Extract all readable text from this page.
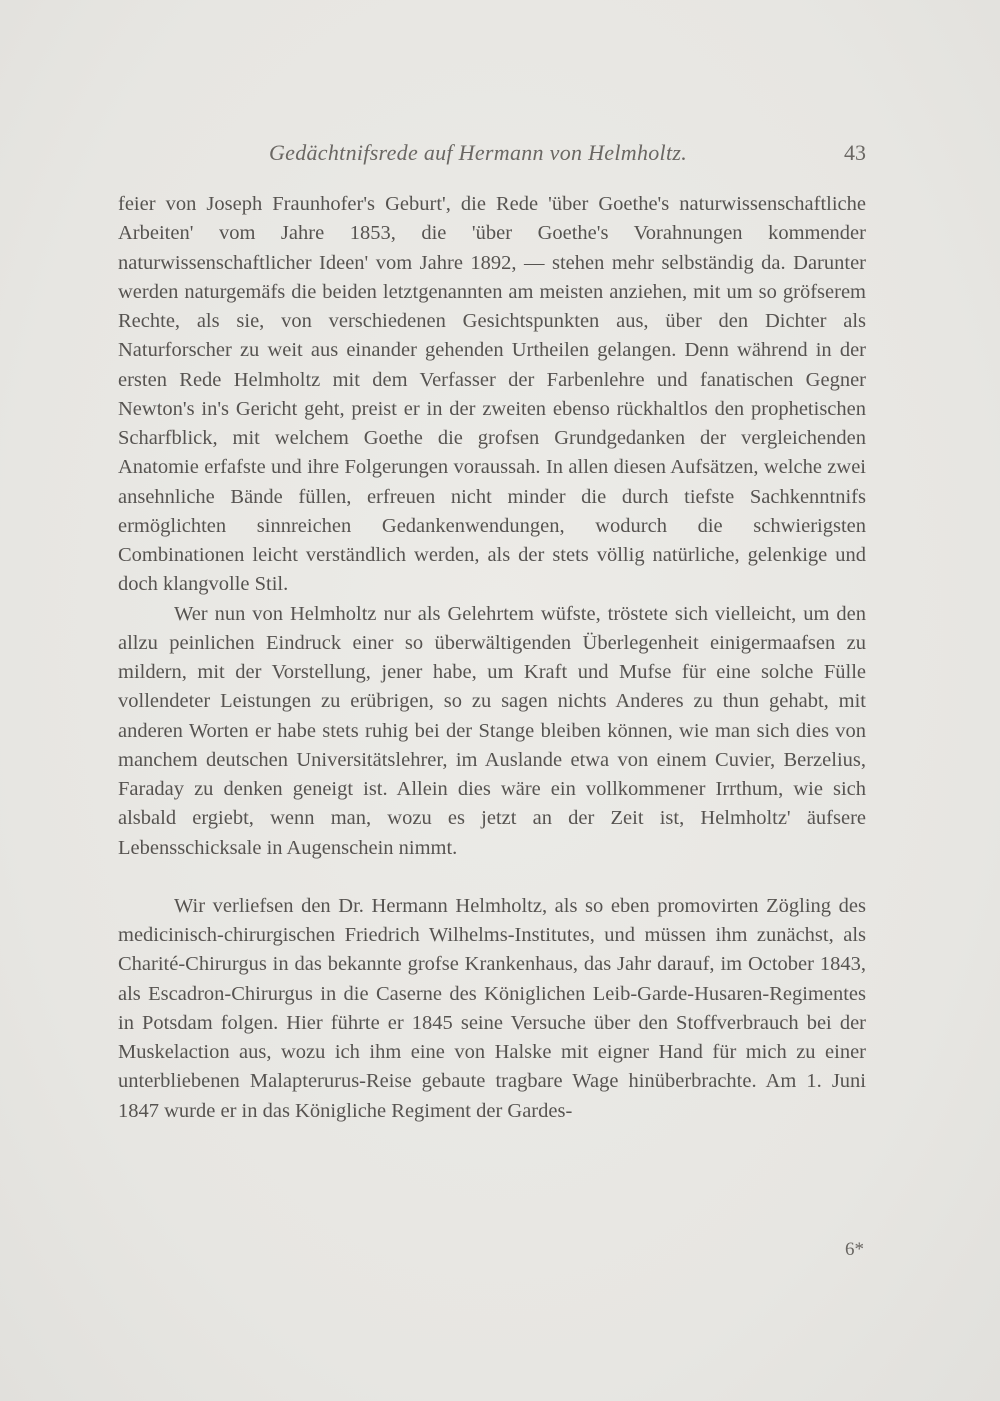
Gedächtnifsrede auf Hermann von Helmholtz.	43

feier von Joseph Fraunhofer's Geburt', die Rede 'über Goethe's naturwissenschaftliche Arbeiten' vom Jahre 1853, die 'über Goethe's Vorahnungen kommender naturwissenschaftlicher Ideen' vom Jahre 1892, — stehen mehr selbständig da. Darunter werden naturgemäfs die beiden letztgenannten am meisten anziehen, mit um so gröfserem Rechte, als sie, von verschiedenen Gesichtspunkten aus, über den Dichter als Naturforscher zu weit aus einander gehenden Urtheilen gelangen. Denn während in der ersten Rede Helmholtz mit dem Verfasser der Farbenlehre und fanatischen Gegner Newton's in's Gericht geht, preist er in der zweiten ebenso rückhaltlos den prophetischen Scharfblick, mit welchem Goethe die grofsen Grundgedanken der vergleichenden Anatomie erfafste und ihre Folgerungen voraussah. In allen diesen Aufsätzen, welche zwei ansehnliche Bände füllen, erfreuen nicht minder die durch tiefste Sachkenntnifs ermöglichten sinnreichen Gedankenwendungen, wodurch die schwierigsten Combinationen leicht verständlich werden, als der stets völlig natürliche, gelenkige und doch klangvolle Stil.

Wer nun von Helmholtz nur als Gelehrtem wüfste, tröstete sich vielleicht, um den allzu peinlichen Eindruck einer so überwältigenden Überlegenheit einigermaafsen zu mildern, mit der Vorstellung, jener habe, um Kraft und Mufse für eine solche Fülle vollendeter Leistungen zu erübrigen, so zu sagen nichts Anderes zu thun gehabt, mit anderen Worten er habe stets ruhig bei der Stange bleiben können, wie man sich dies von manchem deutschen Universitätslehrer, im Auslande etwa von einem Cuvier, Berzelius, Faraday zu denken geneigt ist. Allein dies wäre ein vollkommener Irrthum, wie sich alsbald ergiebt, wenn man, wozu es jetzt an der Zeit ist, Helmholtz' äufsere Lebensschicksale in Augenschein nimmt.

Wir verliefsen den Dr. Hermann Helmholtz, als so eben promovirten Zögling des medicinisch-chirurgischen Friedrich Wilhelms-Institutes, und müssen ihm zunächst, als Charité-Chirurgus in das bekannte grofse Krankenhaus, das Jahr darauf, im October 1843, als Escadron-Chirurgus in die Caserne des Königlichen Leib-Garde-Husaren-Regimentes in Potsdam folgen. Hier führte er 1845 seine Versuche über den Stoffverbrauch bei der Muskelaction aus, wozu ich ihm eine von Halske mit eigner Hand für mich zu einer unterbliebenen Malapterurus-Reise gebaute tragbare Wage hinüberbrachte. Am 1. Juni 1847 wurde er in das Königliche Regiment der Gardes-

6*
